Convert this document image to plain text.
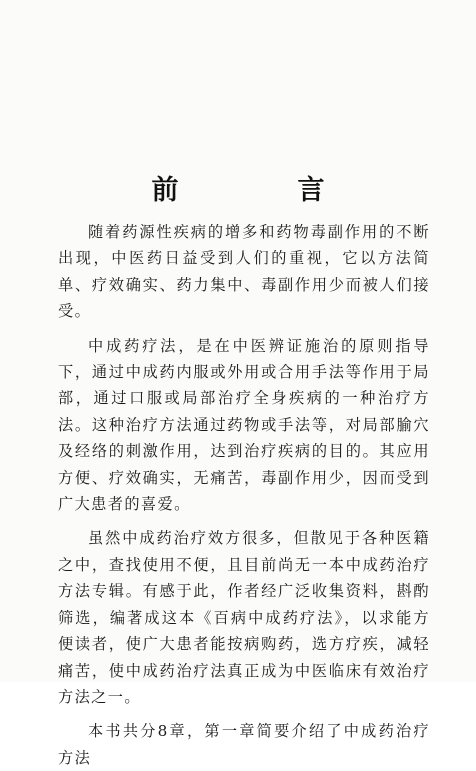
前　言

随着药源性疾病的增多和药物毒副作用的不断出现，中医药日益受到人们的重视，它以方法简单、疗效确实、药力集中、毒副作用少而被人们接受。

中成药疗法，是在中医辨证施治的原则指导下，通过中成药内服或外用或合用手法等作用于局部，通过口服或局部治疗全身疾病的一种治疗方法。这种治疗方法通过药物或手法等，对局部腧穴及经络的刺激作用，达到治疗疾病的目的。其应用方便、疗效确实，无痛苦，毒副作用少，因而受到广大患者的喜爱。

虽然中成药治疗效方很多，但散见于各种医籍之中，查找使用不便，且目前尚无一本中成药治疗方法专辑。有感于此，作者经广泛收集资料，斟酌筛选，编著成这本《百病中成药疗法》，以求能方便读者，使广大患者能按病购药，选方疗疾，减轻痛苦，使中成药治疗法真正成为中医临床有效治疗方法之一。

本书共分8章，第一章简要介绍了中成药治疗方法
